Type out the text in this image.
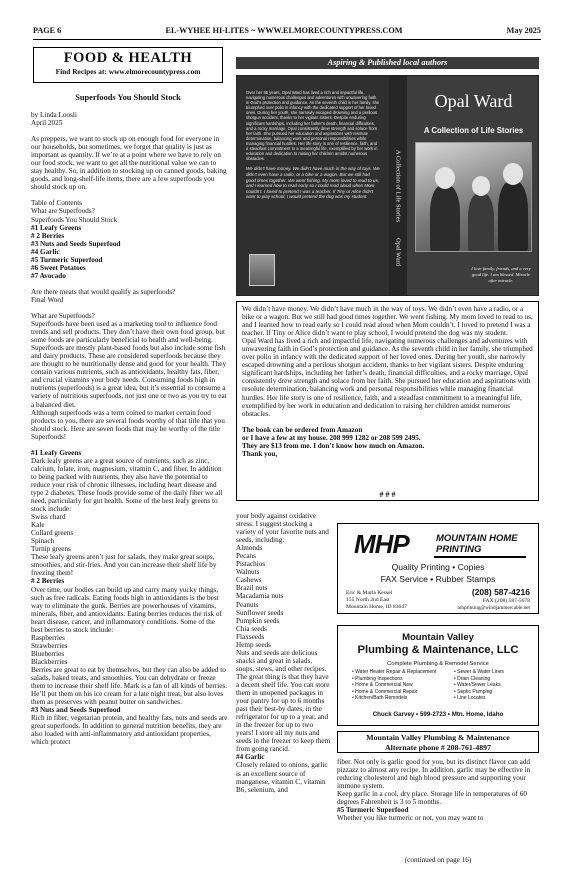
PAGE 6	EL-WYHEE HI-LITES ~ WWW.ELMORECOUNTYPRESS.COM	May 2025
FOOD & HEALTH
Find Recipes at: www.elmorecountypress.com
Superfoods You Should Stock

by Linda Loosli

April 2025

As preppers, we want to stock up on enough food for everyone in our households, but sometimes, we forget that quality is just as important as quantity. If we’re at a point where we have to rely on our food stock, we want to get all the nutritional value we can to stay healthy. So, in addition to stocking up on canned goods, baking goods, and long-shelf-life items, there are a few superfoods you should stock up on.

Table of Contents

What are Superfoods?

Superfoods You Should Stock

#1 Leafy Greens

# 2 Berries

#3 Nuts and Seeds Superfood

#4 Garlic

#5 Turmeric Superfood

#6 Sweet Potatoes

#7 Avocado

Are there meats that would qualify as superfoods?

Final Word

What are Superfoods?

Superfoods have been used as a marketing tool to influence food trends and sell products. They don’t have their own food group, but some foods are particularly beneficial to health and well-being.

Superfoods are mostly plant-based foods but also include some fish and dairy products. These are considered superfoods because they are thought to be nutritionally dense and good for your health. They contain various nutrients, such as antioxidants, healthy fats, fiber, and crucial vitamins your body needs. Consuming foods high in nutrients (superfoods) is a great idea, but it’s essential to consume a variety of nutritious superfoods, not just one or two as you try to eat a balanced diet.

Although superfoods was a term coined to market certain food products to you, there are several foods worthy of that title that you should stock. Here are seven foods that may be worthy of the title Superfoods!

#1 Leafy Greens

Dark leafy greens are a great source of nutrients, such as zinc, calcium, folate, iron, magnesium, vitamin C, and fiber. In addition to being packed with nutrients, they also have the potential to reduce your risk of chronic illnesses, including heart disease and type 2 diabetes. These foods provide some of the daily fiber we all need, particularly for gut health. Some of the best leafy greens to stock include:

Swiss chard

Kale

Collard greens

Spinach

Turnip greens

These leafy greens aren’t just for salads, they make great soups, smoothies, and stir-fries. And you can increase their shelf life by freezing them!

# 2 Berries

Over time, our bodies can build up and carry many yucky things, such as free radicals. Eating foods high in antioxidants is the best way to eliminate the gunk. Berries are powerhouses of vitamins, minerals, fiber, and antioxidants. Eating berries reduces the risk of heart disease, cancer, and inflammatory conditions. Some of the best berries to stock include:

Raspberries

Strawberries

Blueberries

Blackberries

Berries are great to eat by themselves, but they can also be added to salads, baked treats, and smoothies. You can dehydrate or freeze them to increase their shelf life. Mark is a fan of all kinds of berries. He’ll put them on his ice cream for a late night treat, but also loves them as preserves with peanut butter on sandwiches.

#3 Nuts and Seeds Superfood

Rich in fiber, vegetarian protein, and healthy fats, nuts and seeds are great superfoods. In addition to general nutrition benefits, they are also loaded with anti-inflammatory and antioxidant properties, which protect

your body against oxidative stress. I suggest stocking a variety of your favorite nuts and seeds, including:

Almonds

Pecans

Pistachios

Walnuts

Cashews

Brazil nuts

Macadamia nuts

Peanuts

Sunflower seeds

Pumpkin seeds

Chia seeds

Flaxseeds

Hemp seeds

Nuts and seeds are delicious snacks and great in salads, soups, stews, and other recipes. The great thing is that they have a decent shelf life. You can store them in unopened packages in your pantry for up to 6 months past their best-by dates, in the refrigerator for up to a year, and in the freezer for up to two years! I store all my nuts and seeds in the freezer to keep them from going rancid.

#4 Garlic

Closely related to onions, garlic is an excellent source of manganese, vitamin C, vitamin B6, selenium, and

fiber. Not only is garlic good for you, but its distinct flavor can add pizzazz to almost any recipe. In addition, garlic may be effective in reducing cholesterol and high blood pressure and supporting your immune system.

Keep garlic in a cool, dry place. Storage life in temperatures of 60 degrees Fahrenheit is 3 to 5 months.

#5 Turmeric Superfood

Whether you like turmeric or not, you may want to

(continued on page 16)
Aspiring & Published local authors
Over her 95 years, Opal Ward has lived a rich and impactful life, navigating numerous challenges and adventures with unwavering faith in God’s protection and guidance. As the seventh child in her family, she triumphed over polio in infancy with the dedicated support of her loved ones. During her youth, she narrowly escaped drowning and a perilous shotgun accident, thanks to her vigilant sisters. Despite enduring significant hardships, including her father’s death, financial difficulties, and a rocky marriage, Opal consistently drew strength and solace from her faith. She pursued her education and aspirations with resolute determination, balancing work and personal responsibilities while managing financial hurdles. Her life story is one of resilience, faith, and a steadfast commitment to a meaningful life, exemplified by her work in education and dedication to raising her children amidst numerous obstacles.
We didn’t have money. We didn’t have much in the way of toys. We didn’t even have a radio, or a bike or a wagon. But we still had good times together. We went fishing. My mom loved to read to us, and I learned how to read early so I could read aloud when Mom couldn’t. I loved to pretend I was a teacher. If Tiny or Alice didn’t want to play school, I would pretend the dog was my student.	A Collection of Life Stories
Opal Ward
Opal Ward
A Collection of Life Stories
I love family, friends, and a very good life. I am blessed. Miracle after miracle.

We didn’t have money. We didn’t have much in the way of toys. We didn’t even have a radio, or a bike or a wagon. But we still had good times together. We went fishing. My mom loved to read to us, and I learned how to read early so I could read aloud when Mom couldn’t. I loved to pretend I was a teacher. If Tiny or Alice didn’t want to play school, I would pretend the dog was my student.

Opal Ward has lived a rich and impactful life, navigating numerous challenges and adventures with unwavering faith in God’s protection and guidance. As the seventh child in her family, she triumphed over polio in infancy with the dedicated support of her loved ones. During her youth, she narrowly escaped drowning and a perilous shotgun accident, thanks to her vigilant sisters. Despite enduring significant hardships, including her father’s death, financial difficulties, and a rocky marriage, Opal consistently drew strength and solace from her faith. She pursued her education and aspirations with resolute determination, balancing work and personal responsibilities while managing financial hurdles. Her life story is one of resilience, faith, and a steadfast commitment to a meaningful life, exemplified by her work in education and dedication to raising her children amidst numerous obstacles.

The book can be ordered from Amazon

or I have a few at my house. 208 999 1282 or 208 599 2495.

They are $13 from me. I don’t know how much on Amazon.

Thank you,

# # #
MHP	MOUNTAIN HOME
PRINTING
Quality Printing • Copies
FAX Service • Rubber Stamps
Eric & Marla Kessel
155 North 2nd East
Mountain Home, ID 83647
(208) 587-4216
FAX (208) 587-5678
mhprinting@windjammercable.net
Mountain Valley
Plumbing & Maintenance, LLC
Complete Plumbing & Remodel Service
• Water Heater Repair & Replacement
• Plumbing Inspections
• Home & Commercial New
• Home & Commercial Repair
• Kitchen/Bath Remodels
• Sewer & Water Lines
• Drain Cleaning
• Water/Sewer Leaks
• Septic Pumping
• Line Locates
Chuck Garvey • 599-2723 • Mtn. Home, Idaho
Mountain Valley Plumbing & Maintenance
Alternate phone # 208-761-4897
